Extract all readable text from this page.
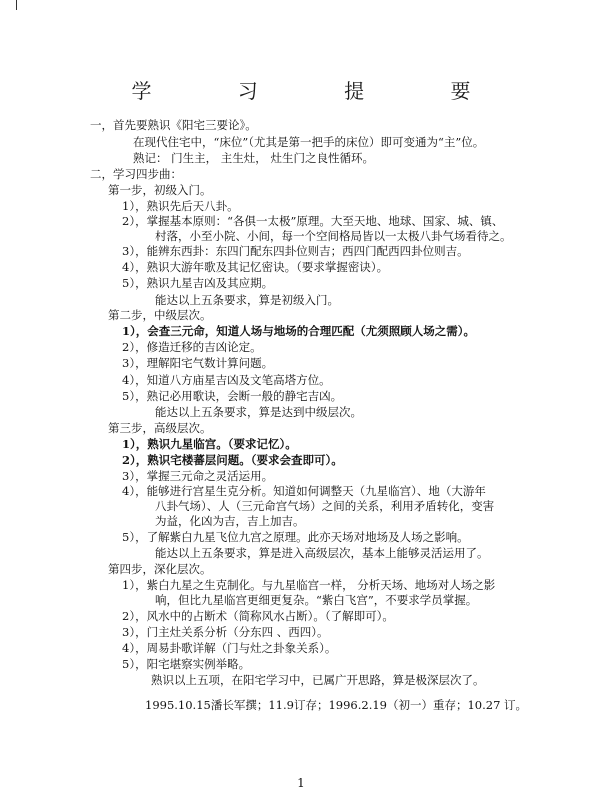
学 习 提 要
一，首先要熟识《阳宅三要论》。
在现代住宅中，“床位”（尤其是第一把手的床位）即可变通为“主”位。
熟记： 门生主， 主生灶， 灶生门之良性循环。
二，学习四步曲：
第一步，初级入门。
1），熟识先后天八卦。
2），掌握基本原则：“各俱一太极”原理。大至天地、地球、国家、城、镇、
村落，小至小院、小间，每一个空间格局皆以一太极八卦气场看待之。
3），能辨东西卦：东四门配东四卦位则吉；西四门配西四卦位则吉。
4），熟识大游年歌及其记忆密诀。（要求掌握密诀）。
5），熟识九星吉凶及其应期。
能达以上五条要求，算是初级入门。
第二步，中级层次。
1），会查三元命，知道人场与地场的合理匹配（尤须照顾人场之需）。
2），修造迁移的吉凶论定。
3），理解阳宅气数计算问题。
4），知道八方庙星吉凶及文笔高塔方位。
5），熟记必用歌诀，会断一般的静宅吉凶。
能达以上五条要求，算是达到中级层次。
第三步，高级层次。
1），熟识九星临宫。（要求记忆）。
2），熟识宅楼蕃层问题。（要求会查即可）。
3），掌握三元命之灵活运用。
4），能够进行宫星生克分析。知道如何调整天（九星临宫）、地（大游年
八卦气场）、人（三元命宫气场）之间的关系，利用矛盾转化，变害
为益，化凶为吉，吉上加吉。
5），了解紫白九星飞位九宫之原理。此亦天场对地场及人场之影响。
能达以上五条要求，算是进入高级层次，基本上能够灵活运用了。
第四步，深化层次。
1），紫白九星之生克制化。与九星临宫一样， 分析天场、地场对人场之影
响，但比九星临宫更细更复杂。“紫白飞宫”，不要求学员掌握。
2），风水中的占断术（简称风水占断）。（了解即可）。
3），门主灶关系分析（分东四 、西四）。
4），周易卦歌详解（门与灶之卦象关系）。
5），阳宅堪察实例举略。
熟识以上五项，在阳宅学习中，已属广开思路，算是极深层次了。
1995.10.15潘长军撰；11.9订存；1996.2.19（初一）重存；10.27 订。
1
